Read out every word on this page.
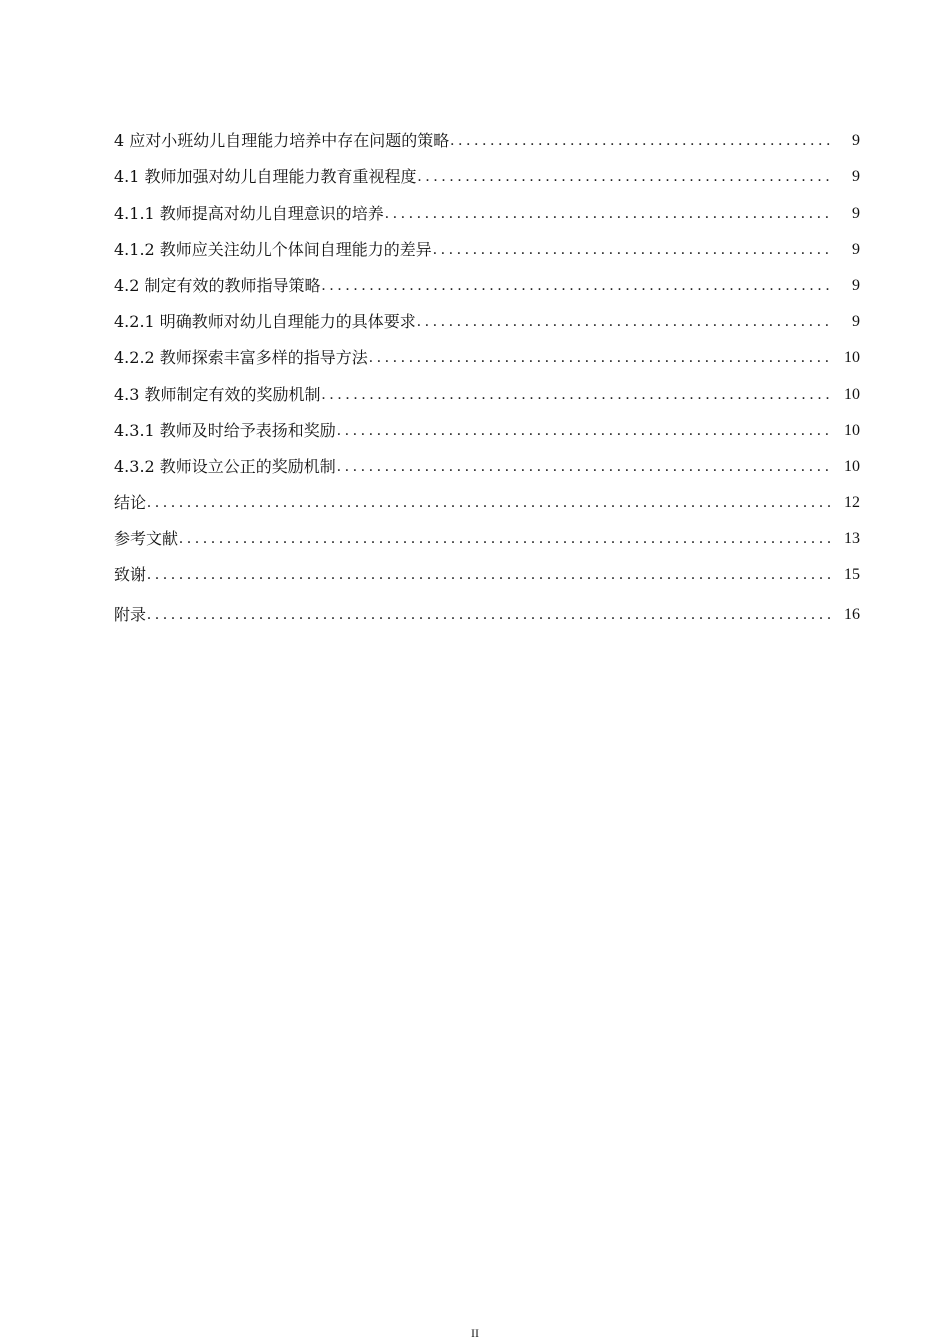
4 应对小班幼儿自理能力培养中存在问题的策略 . . .	9
4.1 教师加强对幼儿自理能力教育重视程度 . . .	9
4.1.1 教师提高对幼儿自理意识的培养 . . .	9
4.1.2 教师应关注幼儿个体间自理能力的差异 . . .	9
4.2 制定有效的教师指导策略 . . .	9
4.2.1 明确教师对幼儿自理能力的具体要求 . . .	9
4.2.2 教师探索丰富多样的指导方法 . . .	10
4.3 教师制定有效的奖励机制 . . .	10
4.3.1 教师及时给予表扬和奖励 . . .	10
4.3.2 教师设立公正的奖励机制 . . .	10
结论 . . .	12
参考文献 . . .	13
致谢 . . .	15
附录 . . .	16
II
